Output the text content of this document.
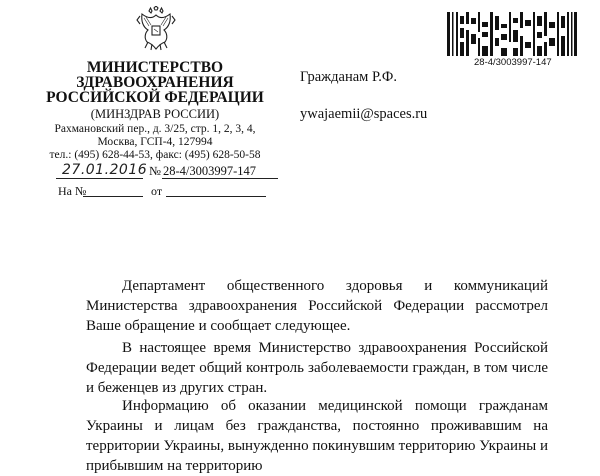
МИНИСТЕРСТВО
ЗДРАВООХРАНЕНИЯ
РОССИЙСКОЙ ФЕДЕРАЦИИ
(МИНЗДРАВ РОССИИ)
Рахмановский пер., д. 3/25, стр. 1, 2, 3, 4,
Москва, ГСП-4, 127994
тел.: (495) 628-44-53, факс: (495) 628-50-58
27.01.2016 № 28-4/3003997-147
На №	от
Гражданам Р.Ф.
ywajaemii@spaces.ru
28-4/3003997-147
Департамент общественного здоровья и коммуникаций Министерства здравоохранения Российской Федерации рассмотрел Ваше обращение и сообщает следующее.
В настоящее время Министерство здравоохранения Российской Федерации ведет общий контроль заболеваемости граждан, в том числе и беженцев из других стран.
Информацию об оказании медицинской помощи гражданам Украины и лицам без гражданства, постоянно проживавшим на территории Украины, вынужденно покинувшим территорию Украины и прибывшим на территорию
